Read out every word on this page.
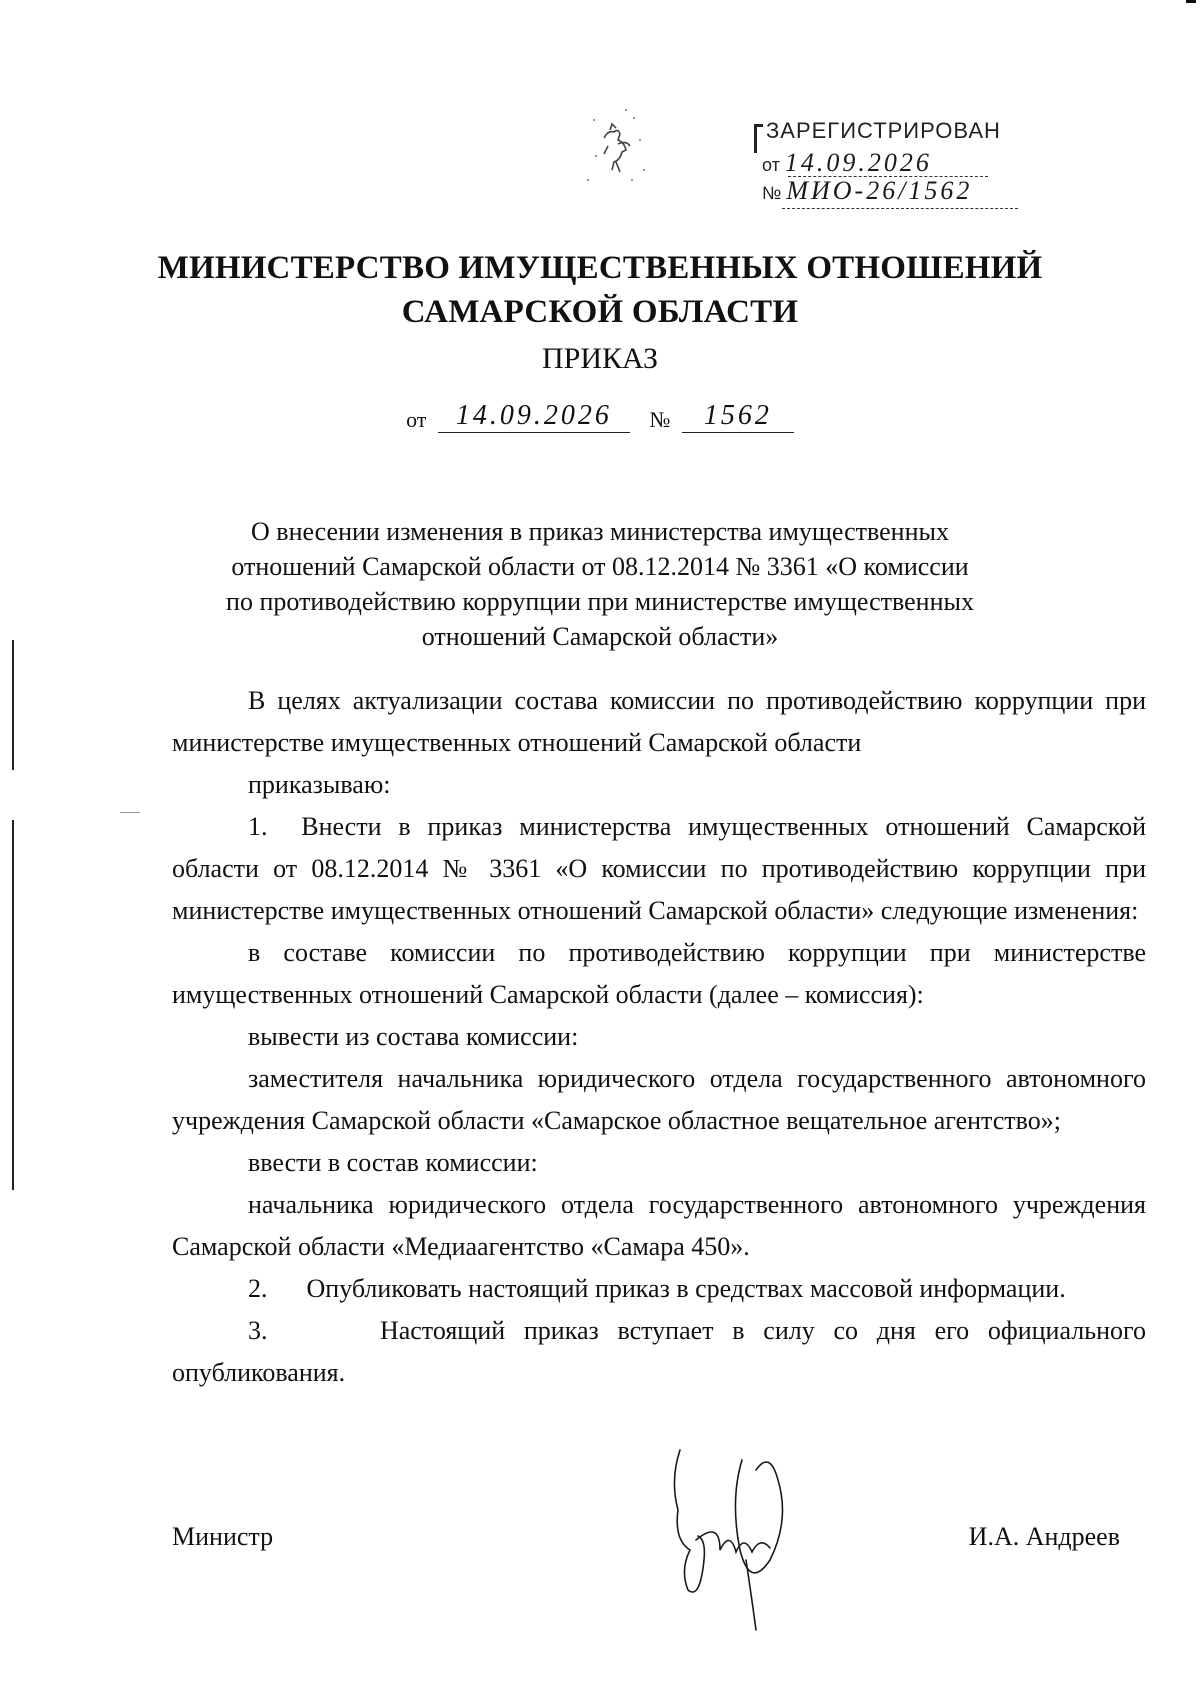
ЗАРЕГИСТРИРОВАН
от 14.09.2026
№ МИО-26/1562
МИНИСТЕРСТВО ИМУЩЕСТВЕННЫХ ОТНОШЕНИЙ
САМАРСКОЙ ОБЛАСТИ
ПРИКАЗ
от 14.09.2026 № 1562
О внесении изменения в приказ министерства имущественных
отношений Самарской области от 08.12.2014 № 3361 «О комиссии
по противодействию коррупции при министерстве имущественных
отношений Самарской области»

В целях актуализации состава комиссии по противодействию коррупции при министерстве имущественных отношений Самарской области

приказываю:

1. Внести в приказ министерства имущественных отношений Самарской области от 08.12.2014 № 3361 «О комиссии по противодействию коррупции при министерстве имущественных отношений Самарской области» следующие изменения:

в составе комиссии по противодействию коррупции при министерстве имущественных отношений Самарской области (далее – комиссия):

вывести из состава комиссии:

заместителя начальника юридического отдела государственного автономного учреждения Самарской области «Самарское областное вещательное агентство»;

ввести в состав комиссии:

начальника юридического отдела государственного автономного учреждения Самарской области «Медиаагентство «Самара 450».

2. Опубликовать настоящий приказ в средствах массовой информации.

3.	Настоящий приказ вступает в силу со дня его официального опубликования.

Министр	И.А. Андреев
